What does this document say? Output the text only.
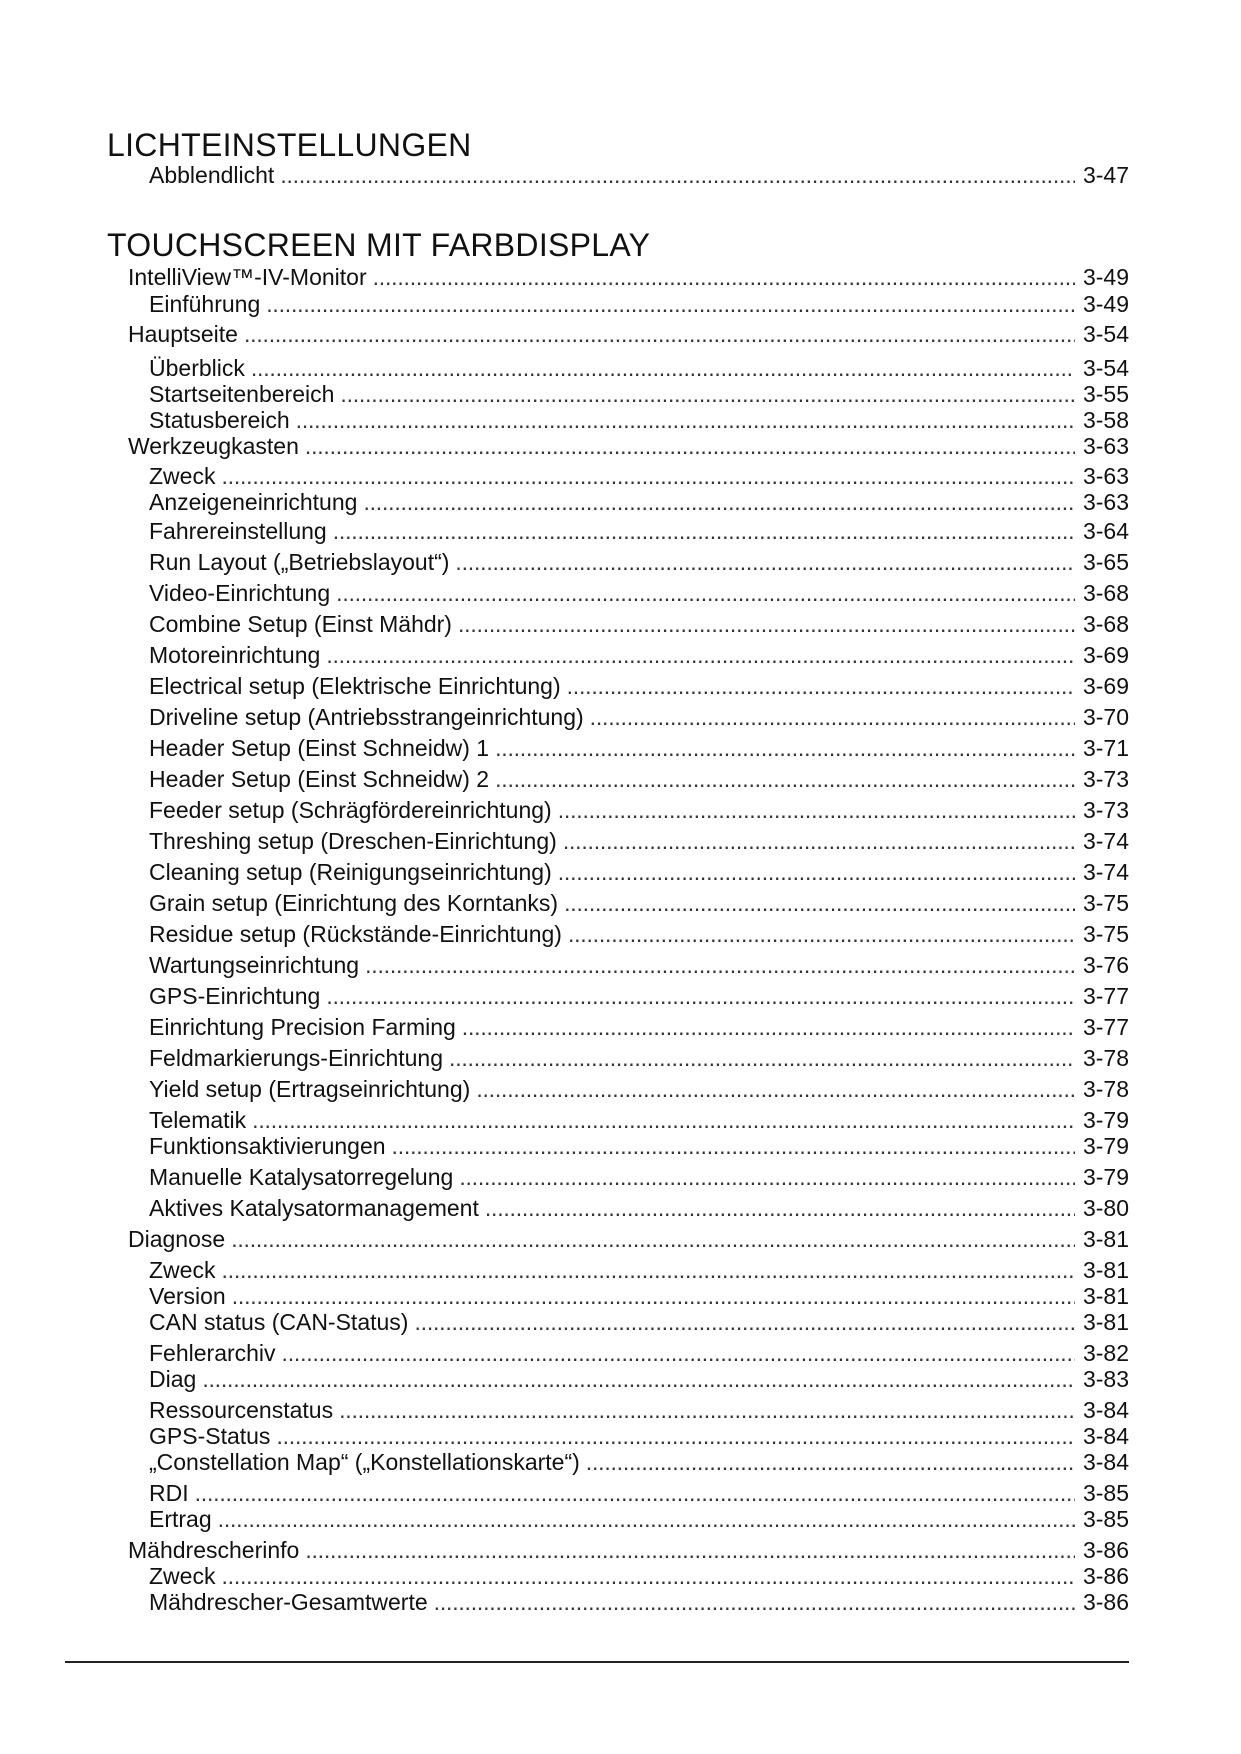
LICHTEINSTELLUNGEN
Abblendlicht . . .	3-47
TOUCHSCREEN MIT FARBDISPLAY
IntelliView™-IV-Monitor . . .	3-49
Einführung . . .	3-49
Hauptseite . . .	3-54
Überblick . . .	3-54
Startseitenbereich . . .	3-55
Statusbereich . . .	3-58
Werkzeugkasten . . .	3-63
Zweck . . .	3-63
Anzeigeneinrichtung . . .	3-63
Fahrereinstellung . . .	3-64
Run Layout („Betriebslayout“) . . .	3-65
Video-Einrichtung . . .	3-68
Combine Setup (Einst Mähdr) . . .	3-68
Motoreinrichtung . . .	3-69
Electrical setup (Elektrische Einrichtung) . . .	3-69
Driveline setup (Antriebsstrangeinrichtung) . . .	3-70
Header Setup (Einst Schneidw) 1 . . .	3-71
Header Setup (Einst Schneidw) 2 . . .	3-73
Feeder setup (Schrägfördereinrichtung) . . .	3-73
Threshing setup (Dreschen-Einrichtung) . . .	3-74
Cleaning setup (Reinigungseinrichtung) . . .	3-74
Grain setup (Einrichtung des Korntanks) . . .	3-75
Residue setup (Rückstände-Einrichtung) . . .	3-75
Wartungseinrichtung . . .	3-76
GPS-Einrichtung . . .	3-77
Einrichtung Precision Farming . . .	3-77
Feldmarkierungs-Einrichtung . . .	3-78
Yield setup (Ertragseinrichtung) . . .	3-78
Telematik . . .	3-79
Funktionsaktivierungen . . .	3-79
Manuelle Katalysatorregelung . . .	3-79
Aktives Katalysatormanagement . . .	3-80
Diagnose . . .	3-81
Zweck . . .	3-81
Version . . .	3-81
CAN status (CAN-Status) . . .	3-81
Fehlerarchiv . . .	3-82
Diag . . .	3-83
Ressourcenstatus . . .	3-84
GPS-Status . . .	3-84
„Constellation Map“ („Konstellationskarte“) . . .	3-84
RDI . . .	3-85
Ertrag . . .	3-85
Mähdrescherinfo . . .	3-86
Zweck . . .	3-86
Mähdrescher-Gesamtwerte . . .	3-86
